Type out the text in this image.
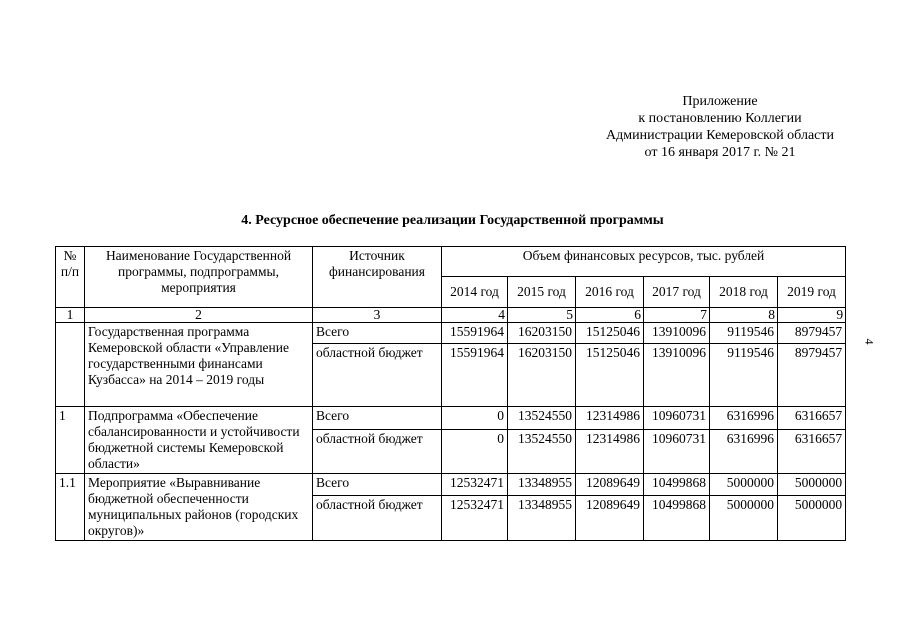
Приложение
к постановлению Коллегии
Администрации Кемеровской области
от 16 января 2017 г. № 21
4. Ресурсное обеспечение реализации Государственной программы
4
№ п/п	Наименование Государственной программы, подпрограммы, мероприятия	Источник финансирования	Объем финансовых ресурсов, тыс. рублей					
			2014 год	2015 год	2016 год	2017 год	2018 год	2019 год
1	2	3	4	5	6	7	8	9
	Государственная программа Кемеровской области «Управление государственными финансами Кузбасса» на 2014 – 2019 годы	Всего	15591964	16203150	15125046	13910096	9119546	8979457
		областной бюджет	15591964	16203150	15125046	13910096	9119546	8979457
1	Подпрограмма «Обеспечение сбалансированности и устойчивости бюджетной системы Кемеровской области»	Всего	0	13524550	12314986	10960731	6316996	6316657
		областной бюджет	0	13524550	12314986	10960731	6316996	6316657
1.1	Мероприятие «Выравнивание бюджетной обеспеченности муниципальных районов (городских округов)»	Всего	12532471	13348955	12089649	10499868	5000000	5000000
		областной бюджет	12532471	13348955	12089649	10499868	5000000	5000000
